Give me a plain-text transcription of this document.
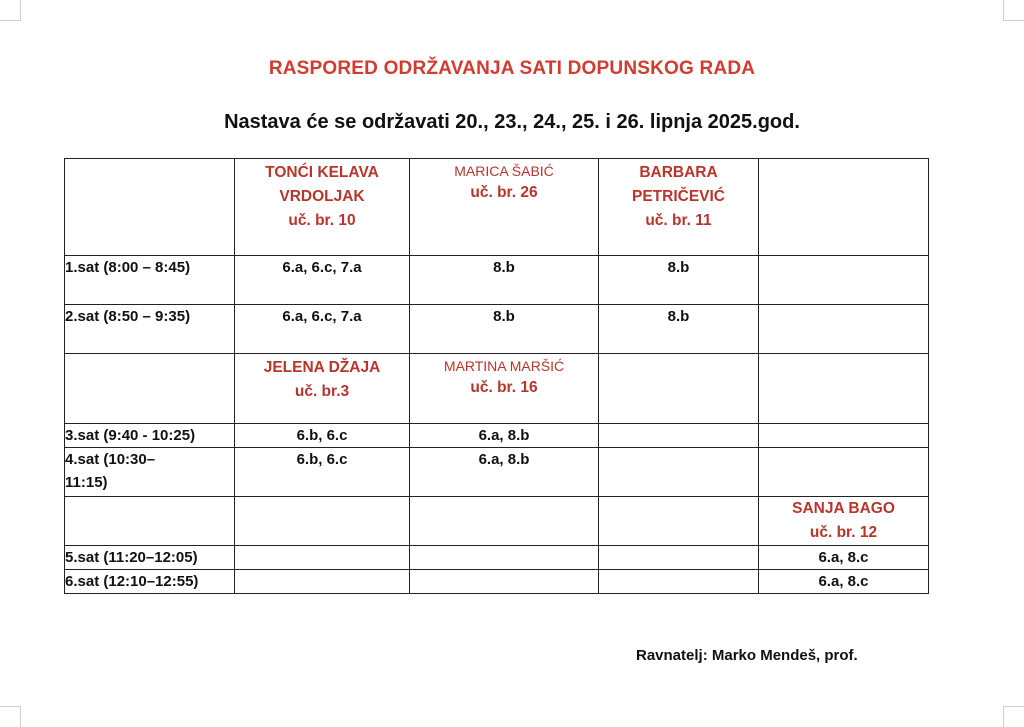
RASPORED ODRŽAVANJA SATI DOPUNSKOG RADA
Nastava će se održavati 20., 23., 24., 25. i 26. lipnja 2025.god.

	TONĆI KELAVA
VRDOLJAK
uč. br. 10	MARICA ŠABIĆ
uč. br. 26	BARBARA
PETRIČEVIĆ
uč. br. 11	

1.sat (8:00 – 8:45)	6.a, 6.c, 7.a	8.b	8.b	
2.sat (8:50 – 9:35)	6.a, 6.c, 7.a	8.b	8.b	

	JELENA DŽAJA
uč. br.3	MARTINA MARŠIĆ
uč. br. 16		

3.sat (9:40 - 10:25)	6.b, 6.c	6.a, 8.b		

4.sat (10:30–
11:15)	6.b, 6.c	6.a, 8.b		

				SANJA BAGO
uč. br. 12

5.sat (11:20–12:05)				6.a, 8.c
6.sat (12:10–12:55)				6.a, 8.c
Ravnatelj: Marko Mendeš, prof.
